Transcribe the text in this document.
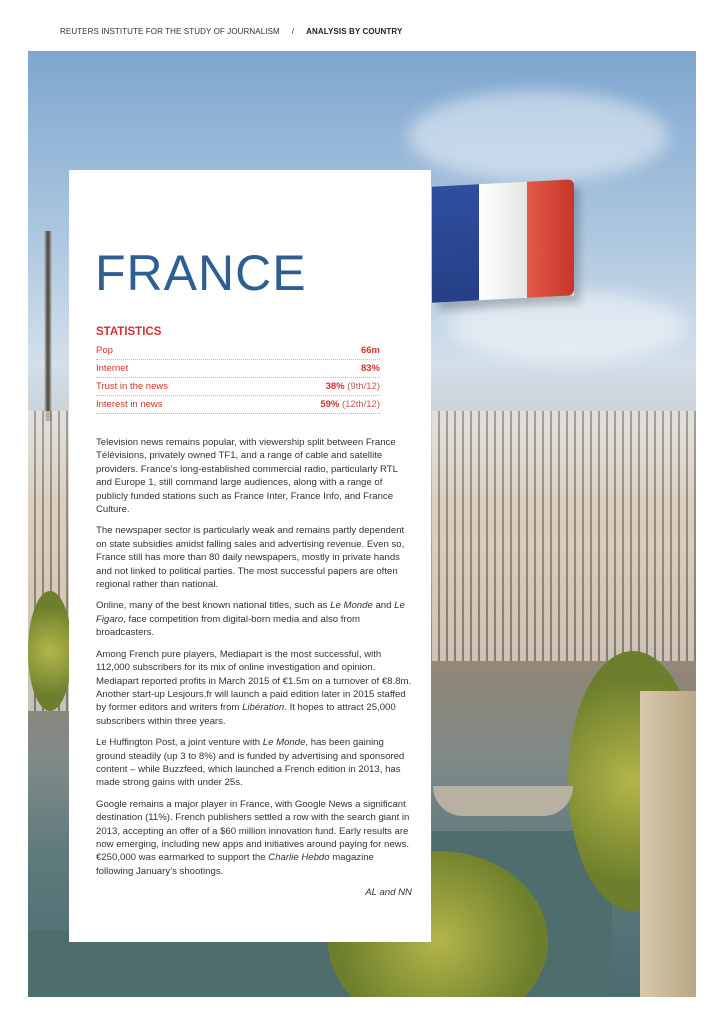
REUTERS INSTITUTE FOR THE STUDY OF JOURNALISM / ANALYSIS BY COUNTRY
FRANCE
STATISTICS
Pop	66m
Internet	83%
Trust in the news	38% (9th/12)
Interest in news	59% (12th/12)

Television news remains popular, with viewership split between France Télévisions, privately owned TF1, and a range of cable and satellite providers. France’s long-established commercial radio, particularly RTL and Europe 1, still command large audiences, along with a range of publicly funded stations such as France Inter, France Info, and France Culture.

The newspaper sector is particularly weak and remains partly dependent on state subsidies amidst falling sales and advertising revenue. Even so, France still has more than 80 daily newspapers, mostly in private hands and not linked to political parties. The most successful papers are often regional rather than national.

Online, many of the best known national titles, such as Le Monde and Le Figaro, face competition from digital-born media and also from broadcasters.

Among French pure players, Mediapart is the most successful, with 112,000 subscribers for its mix of online investigation and opinion. Mediapart reported profits in March 2015 of €1.5m on a turnover of €8.8m. Another start-up Lesjours.fr will launch a paid edition later in 2015 staffed by former editors and writers from Libération. It hopes to attract 25,000 subscribers within three years.

Le Huffington Post, a joint venture with Le Monde, has been gaining ground steadily (up 3 to 8%) and is funded by advertising and sponsored content – while Buzzfeed, which launched a French edition in 2013, has made strong gains with under 25s.

Google remains a major player in France, with Google News a significant destination (11%). French publishers settled a row with the search giant in 2013, accepting an offer of a $60 million innovation fund. Early results are now emerging, including new apps and initiatives around paying for news. €250,000 was earmarked to support the Charlie Hebdo magazine following January’s shootings.

AL and NN
